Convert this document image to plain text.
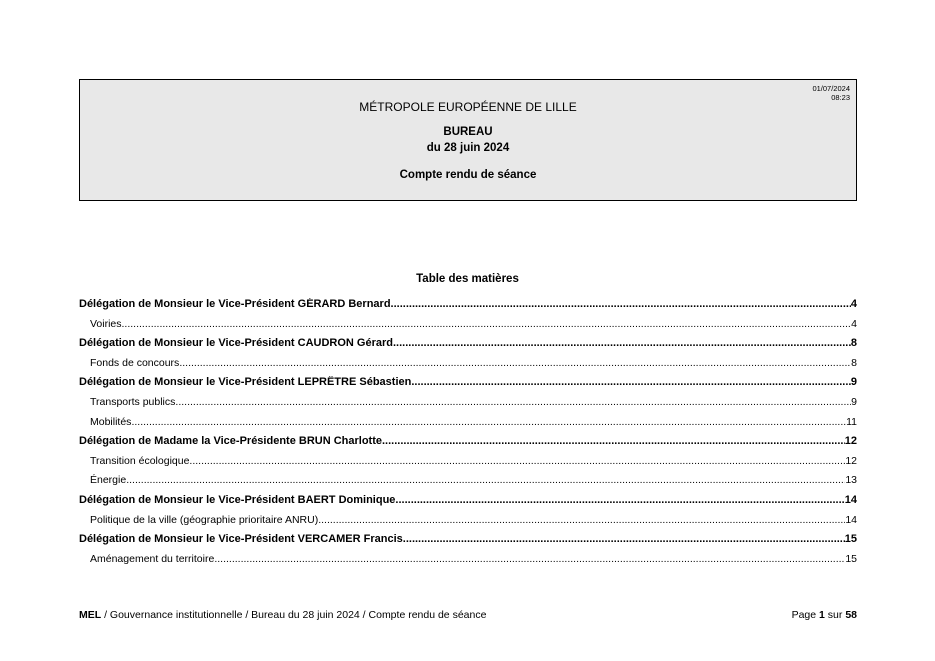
01/07/2024
08:23
MÉTROPOLE EUROPÉENNE DE LILLE
BUREAU
du 28 juin 2024
Compte rendu de séance
Table des matières
Délégation de Monsieur le Vice-Président GÉRARD Bernard .....	4
Voiries .....	4
Délégation de Monsieur le Vice-Président CAUDRON Gérard .....	8
Fonds de concours .....	8
Délégation de Monsieur le Vice-Président LEPRÊTRE Sébastien .....	9
Transports publics .....	9
Mobilités .....	11
Délégation de Madame la Vice-Présidente BRUN Charlotte .....	12
Transition écologique .....	12
Énergie .....	13
Délégation de Monsieur le Vice-Président BAERT Dominique .....	14
Politique de la ville (géographie prioritaire ANRU) .....	14
Délégation de Monsieur le Vice-Président VERCAMER Francis .....	15
Aménagement du territoire .....	15
MEL / Gouvernance institutionnelle / Bureau du 28 juin 2024 / Compte rendu de séance	Page 1 sur 58
